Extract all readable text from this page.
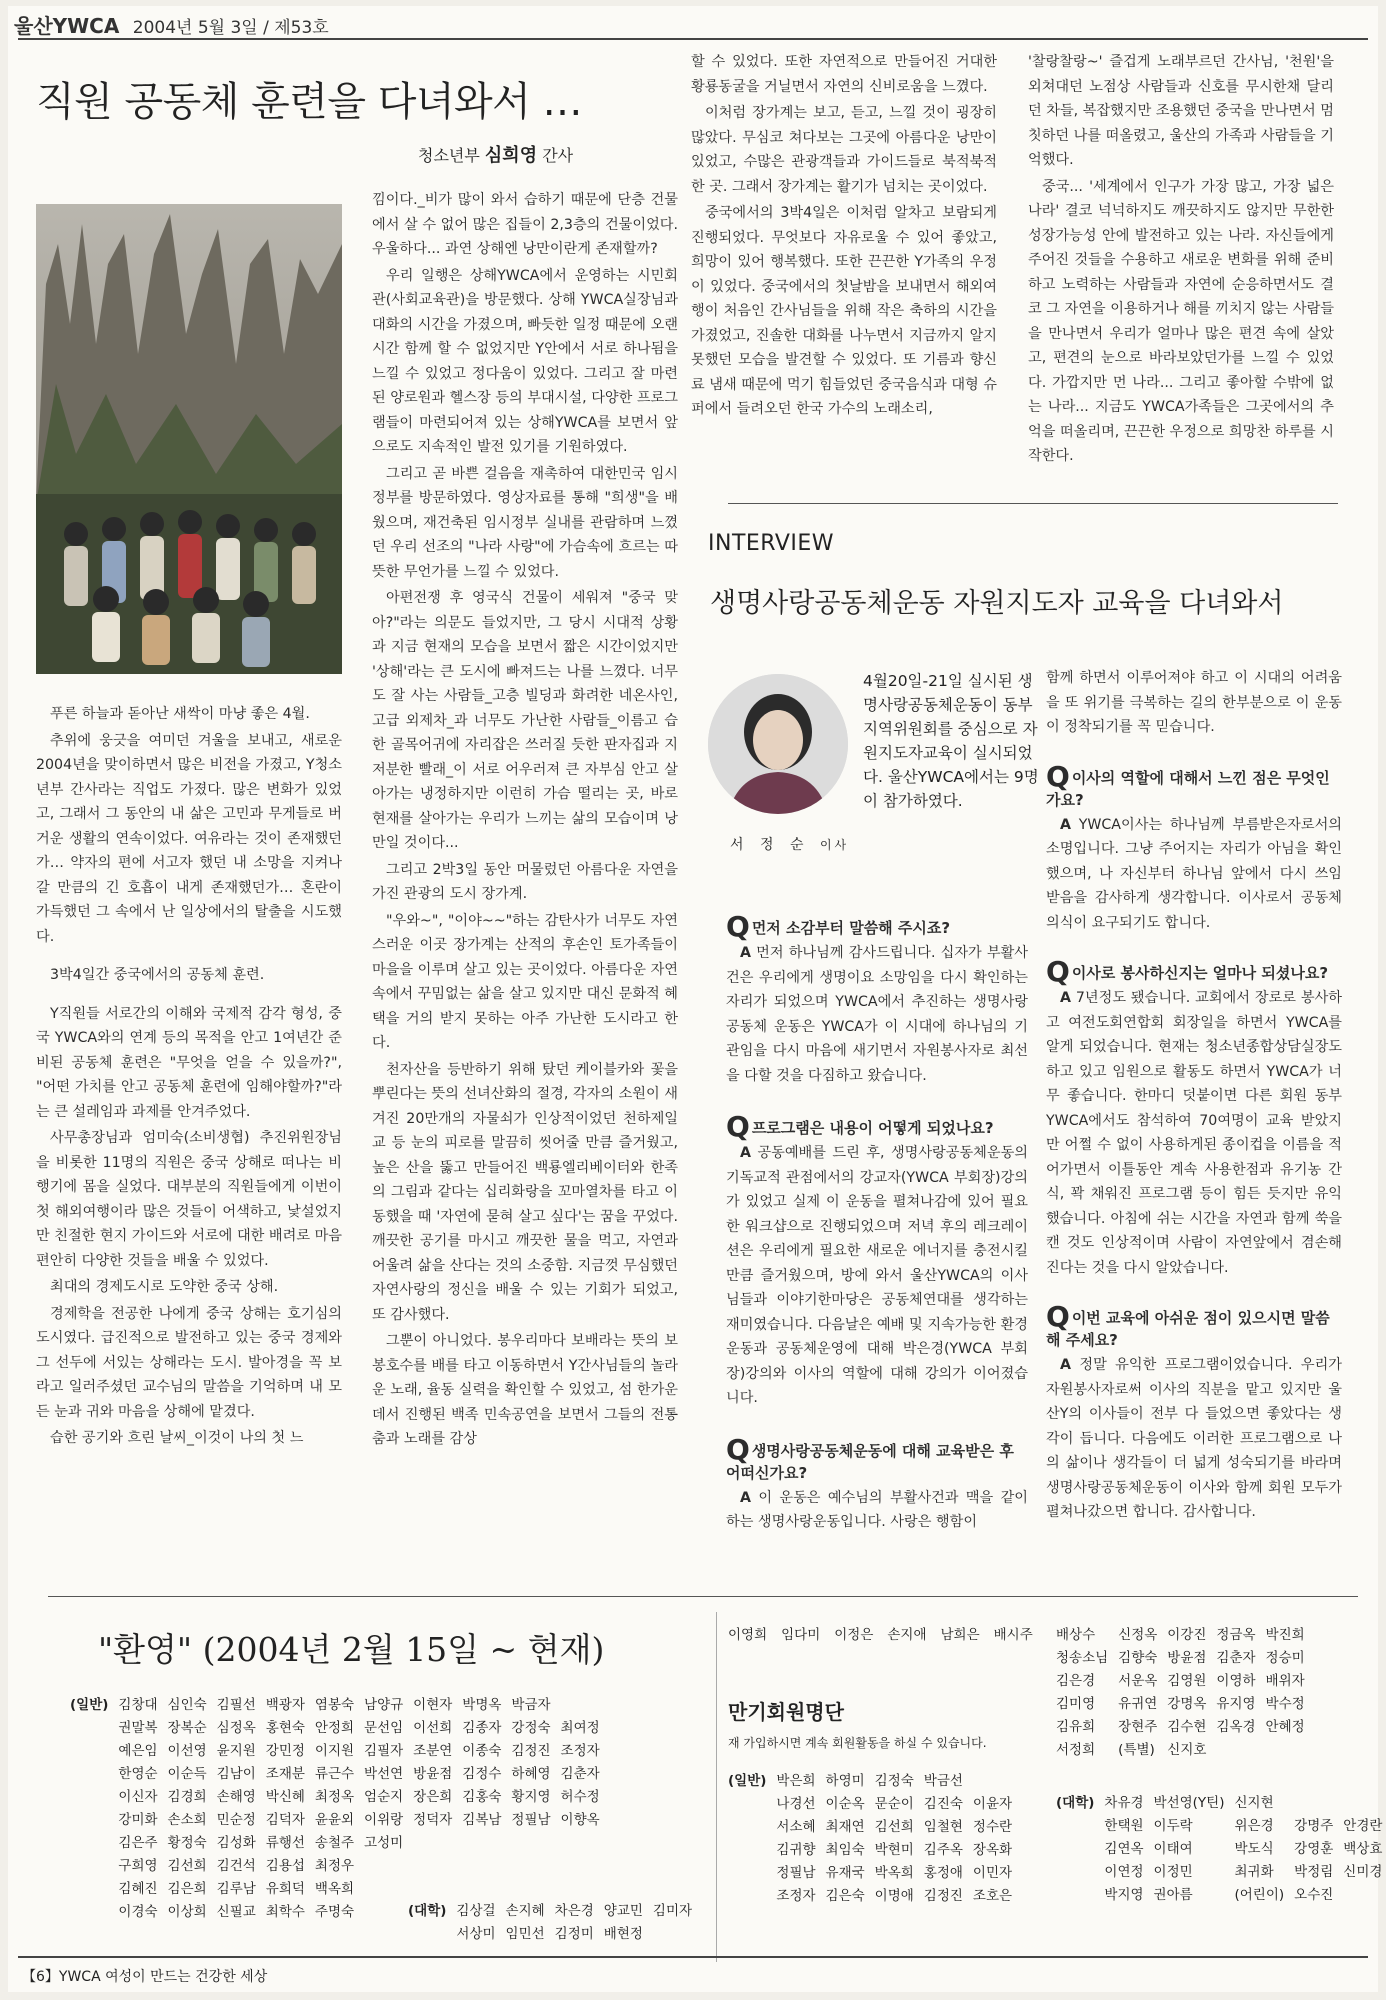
울산YWCA 2004년 5월 3일 / 제53호
직원 공동체 훈련을 다녀와서 …
청소년부 심희영 간사

푸른 하늘과 돋아난 새싹이 마냥 좋은 4월.

추위에 웅긋을 여미던 겨울을 보내고, 새로운 2004년을 맞이하면서 많은 비전을 가졌고, Y청소년부 간사라는 직업도 가졌다. 많은 변화가 있었고, 그래서 그 동안의 내 삶은 고민과 무게들로 버거운 생활의 연속이었다. 여유라는 것이 존재했던가… 약자의 편에 서고자 했던 내 소망을 지켜나갈 만큼의 긴 호흡이 내게 존재했던가… 혼란이 가득했던 그 속에서 난 일상에서의 탈출을 시도했다.

3박4일간 중국에서의 공동체 훈련.

Y직원들 서로간의 이해와 국제적 감각 형성, 중국 YWCA와의 연계 등의 목적을 안고 1여년간 준비된 공동체 훈련은 "무엇을 얻을 수 있을까?", "어떤 가치를 안고 공동체 훈련에 임해야할까?"라는 큰 설레임과 과제를 안겨주었다.

사무총장님과 엄미숙(소비생협) 추진위원장님을 비롯한 11명의 직원은 중국 상해로 떠나는 비행기에 몸을 실었다. 대부분의 직원들에게 이번이 첫 해외여행이라 많은 것들이 어색하고, 낯설었지만 친절한 현지 가이드와 서로에 대한 배려로 마음 편안히 다양한 것들을 배울 수 있었다.

최대의 경제도시로 도약한 중국 상해.

경제학을 전공한 나에게 중국 상해는 호기심의 도시였다. 급진적으로 발전하고 있는 중국 경제와 그 선두에 서있는 상해라는 도시. 발아경을 꼭 보라고 일러주셨던 교수님의 말씀을 기억하며 내 모든 눈과 귀와 마음을 상해에 맡겼다.

습한 공기와 흐린 날씨_이것이 나의 첫 느

낌이다._비가 많이 와서 습하기 때문에 단층 건물에서 살 수 없어 많은 집들이 2,3층의 건물이었다. 우울하다... 과연 상해엔 낭만이란게 존재할까?

우리 일행은 상해YWCA에서 운영하는 시민회관(사회교육관)을 방문했다. 상해 YWCA실장님과 대화의 시간을 가졌으며, 빠듯한 일정 때문에 오랜 시간 함께 할 수 없었지만 Y안에서 서로 하나됨을 느낄 수 있었고 정다움이 있었다. 그리고 잘 마련된 양로원과 헬스장 등의 부대시설, 다양한 프로그램들이 마련되어져 있는 상해YWCA를 보면서 앞으로도 지속적인 발전 있기를 기원하였다.

그리고 곧 바쁜 걸음을 재촉하여 대한민국 임시정부를 방문하였다. 영상자료를 통해 "희생"을 배웠으며, 재건축된 임시정부 실내를 관람하며 느꼈던 우리 선조의 "나라 사랑"에 가슴속에 흐르는 따뜻한 무언가를 느낄 수 있었다.

아편전쟁 후 영국식 건물이 세워져 "중국 맞아?"라는 의문도 들었지만, 그 당시 시대적 상황과 지금 현재의 모습을 보면서 짧은 시간이었지만 '상해'라는 큰 도시에 빠져드는 나를 느꼈다. 너무도 잘 사는 사람들_고층 빌딩과 화려한 네온사인, 고급 외제차_과 너무도 가난한 사람들_이름고 습한 골목어귀에 자리잡은 쓰러질 듯한 판자집과 지저분한 빨래_이 서로 어우러져 큰 자부심 안고 살아가는 냉정하지만 이런히 가슴 떨리는 곳, 바로 현재를 살아가는 우리가 느끼는 삶의 모습이며 낭만일 것이다...

그리고 2박3일 동안 머물렀던 아름다운 자연을 가진 관광의 도시 장가계.

"우와~", "이야~~"하는 감탄사가 너무도 자연스러운 이곳 장가계는 산적의 후손인 토가족들이 마을을 이루며 살고 있는 곳이었다. 아름다운 자연 속에서 꾸밈없는 삶을 살고 있지만 대신 문화적 혜택을 거의 받지 못하는 아주 가난한 도시라고 한다.

천자산을 등반하기 위해 탔던 케이블카와 꽃을 뿌린다는 뜻의 선녀산화의 절경, 각자의 소원이 새겨진 20만개의 자물쇠가 인상적이었던 천하제일교 등 눈의 피로를 말끔히 씻어줄 만큼 즐거웠고, 높은 산을 뚫고 만들어진 백룡엘리베이터와 한족의 그림과 같다는 십리화랑을 꼬마열차를 타고 이동했을 때 '자연에 묻혀 살고 싶다'는 꿈을 꾸었다. 깨끗한 공기를 마시고 깨끗한 물을 먹고, 자연과 어울려 삶을 산다는 것의 소중함. 지금껏 무심했던 자연사랑의 정신을 배울 수 있는 기회가 되었고, 또 감사했다.

그뿐이 아니었다. 봉우리마다 보배라는 뜻의 보봉호수를 배를 타고 이동하면서 Y간사님들의 놀라운 노래, 율동 실력을 확인할 수 있었고, 섬 한가운데서 진행된 백족 민속공연을 보면서 그들의 전통 춤과 노래를 감상

할 수 있었다. 또한 자연적으로 만들어진 거대한 황룡동굴을 거닐면서 자연의 신비로움을 느꼈다.

이처럼 장가계는 보고, 듣고, 느낄 것이 굉장히 많았다. 무심코 쳐다보는 그곳에 아름다운 낭만이 있었고, 수많은 관광객들과 가이드들로 북적북적한 곳. 그래서 장가계는 활기가 넘치는 곳이었다.

중국에서의 3박4일은 이처럼 알차고 보람되게 진행되었다. 무엇보다 자유로울 수 있어 좋았고, 희망이 있어 행복했다. 또한 끈끈한 Y가족의 우정이 있었다. 중국에서의 첫날밤을 보내면서 해외여행이 처음인 간사님들을 위해 작은 축하의 시간을 가졌었고, 진솔한 대화를 나누면서 지금까지 알지 못했던 모습을 발견할 수 있었다. 또 기름과 향신료 냄새 때문에 먹기 힘들었던 중국음식과 대형 슈퍼에서 들려오던 한국 가수의 노래소리,

'찰랑찰랑~' 즐겁게 노래부르던 간사님, '천원'을 외쳐대던 노점상 사람들과 신호를 무시한채 달리던 차들, 복잡했지만 조용했던 중국을 만나면서 멈칫하던 나를 떠올렸고, 울산의 가족과 사람들을 기억했다.

중국... '세계에서 인구가 가장 많고, 가장 넓은 나라' 결코 넉넉하지도 깨끗하지도 않지만 무한한 성장가능성 안에 발전하고 있는 나라. 자신들에게 주어진 것들을 수용하고 새로운 변화를 위해 준비하고 노력하는 사람들과 자연에 순응하면서도 결코 그 자연을 이용하거나 해를 끼치지 않는 사람들을 만나면서 우리가 얼마나 많은 편견 속에 살았고, 편견의 눈으로 바라보았던가를 느낄 수 있었다. 가깝지만 먼 나라... 그리고 좋아할 수밖에 없는 나라... 지금도 YWCA가족들은 그곳에서의 추억을 떠올리며, 끈끈한 우정으로 희망찬 하루를 시작한다.

INTERVIEW
생명사랑공동체운동 자원지도자 교육을 다녀와서
서 정 순 이사
4월20일-21일 실시된 생명사랑공동체운동이 동부지역위원회를 중심으로 자원지도자교육이 실시되었다. 울산YWCA에서는 9명이 참가하였다.
Q먼저 소감부터 말씀해 주시죠?

A 먼저 하나님께 감사드립니다. 십자가 부활사건은 우리에게 생명이요 소망임을 다시 확인하는 자리가 되었으며 YWCA에서 추진하는 생명사랑공동체 운동은 YWCA가 이 시대에 하나님의 기관임을 다시 마음에 새기면서 자원봉사자로 최선을 다할 것을 다짐하고 왔습니다.

Q프로그램은 내용이 어떻게 되었나요?

A 공동예배를 드린 후, 생명사랑공동체운동의 기독교적 관점에서의 강교자(YWCA 부회장)강의가 있었고 실제 이 운동을 펼쳐나감에 있어 필요한 워크샵으로 진행되었으며 저녁 후의 레크레이션은 우리에게 필요한 새로운 에너지를 충전시킬만큼 즐거웠으며, 방에 와서 울산YWCA의 이사님들과 이야기한마당은 공동체연대를 생각하는 재미였습니다. 다음날은 예배 및 지속가능한 환경운동과 공동체운영에 대해 박은경(YWCA 부회장)강의와 이사의 역할에 대해 강의가 이어졌습니다.

Q생명사랑공동체운동에 대해 교육받은 후 어떠신가요?

A 이 운동은 예수님의 부활사건과 맥을 같이 하는 생명사랑운동입니다. 사랑은 행함이

함께 하면서 이루어져야 하고 이 시대의 어려움을 또 위기를 극복하는 길의 한부분으로 이 운동이 정착되기를 꼭 믿습니다.

Q이사의 역할에 대해서 느낀 점은 무엇인가요?

A YWCA이사는 하나님께 부름받은자로서의 소명입니다. 그냥 주어지는 자리가 아님을 확인했으며, 나 자신부터 하나님 앞에서 다시 쓰임 받음을 감사하게 생각합니다. 이사로서 공동체의식이 요구되기도 합니다.

Q이사로 봉사하신지는 얼마나 되셨나요?

A 7년정도 됐습니다. 교회에서 장로로 봉사하고 여전도회연합회 회장일을 하면서 YWCA를 알게 되었습니다. 현재는 청소년종합상담실장도 하고 있고 임원으로 활동도 하면서 YWCA가 너무 좋습니다. 한마디 덧붙이면 다른 회원 동부YWCA에서도 참석하여 70여명이 교육 받았지만 어쩔 수 없이 사용하게된 종이컵을 이름을 적어가면서 이틀동안 계속 사용한점과 유기농 간식, 꽉 채워진 프로그램 등이 힘든 듯지만 유익했습니다. 아침에 쉬는 시간을 자연과 함께 쑥을 캔 것도 인상적이며 사람이 자연앞에서 겸손해진다는 것을 다시 알았습니다.

Q이번 교육에 아쉬운 점이 있으시면 말씀해 주세요?

A 정말 유익한 프로그램이었습니다. 우리가 자원봉사자로써 이사의 직분을 맡고 있지만 울산Y의 이사들이 전부 다 들었으면 좋았다는 생각이 듭니다. 다음에도 이러한 프로그램으로 나의 삶이나 생각들이 더 넓게 성숙되기를 바라며 생명사랑공동체운동이 이사와 함께 회원 모두가 펼쳐나갔으면 합니다. 감사합니다.

"환영" (2004년 2월 15일 ~ 현재)
(일반)	김창대	심인숙	김필선	백광자	염봉숙	남양규	이현자	박명옥	박금자	
	권말복	장복순	심정옥	홍현숙	안정희	문선임	이선희	김종자	강정숙	최여정
	예은임	이선영	윤지원	강민정	이지원	김필자	조분연	이종숙	김정진	조정자
	한영순	이순득	김남이	조재분	류근수	박선연	방윤점	김정수	하혜영	김춘자
	이신자	김경희	손해영	박신혜	최정옥	엄순지	장은희	김홍숙	황지영	허수정
	강미화	손소희	민순정	김덕자	윤윤외	이위랑	정덕자	김복남	정필남	이향옥
	김은주	황정숙	김성화	류행선	송철주	고성미				
	구희영	김선희	김건석	김용섭	최정우					
	김혜진	김은희	김루남	유희덕	백옥희					
	이경숙	이상희	신필교	최학수	주명숙						(대학)	김상걸	손지혜	차은경	양교민	김미자
	서상미	임민선	김정미	배현정	
이영희 임다미 이정은 손지애 남희은 배시주
만기회원명단
재 가입하시면 계속 회원활동을 하실 수 있습니다.
(일반)	박은희	하영미	김정숙	박금선	
	나경선	이순옥	문순이	김진숙	이윤자
	서소혜	최재연	김선희	임철현	정수란
	김귀향	최임숙	박현미	김주옥	장옥화
	정필남	유재국	박옥희	홍정애	이민자
	조정자	김은숙	이명애	김정진	조호은
배상수	신정옥	이강진	정금옥	박진희
청송소님	김향숙	방윤점	김춘자	정승미
김은경	서운옥	김영원	이영하	배위자
김미영	유귀연	강명옥	유지영	박수정
김유희	장현주	김수현	김옥경	안혜정
서정희	(특별)	신지호		
(대학)	차유경	박선영(Y틴)	신지현		
	한택원	이두락	위은경	강명주	안경란
	김연옥	이태여	박도식	강영훈	백상효
	이연정	이정민	최귀화	박정림	신미경
	박지영	권아름	(어린이)	오수진	
【6】YWCA 여성이 만드는 건강한 세상
